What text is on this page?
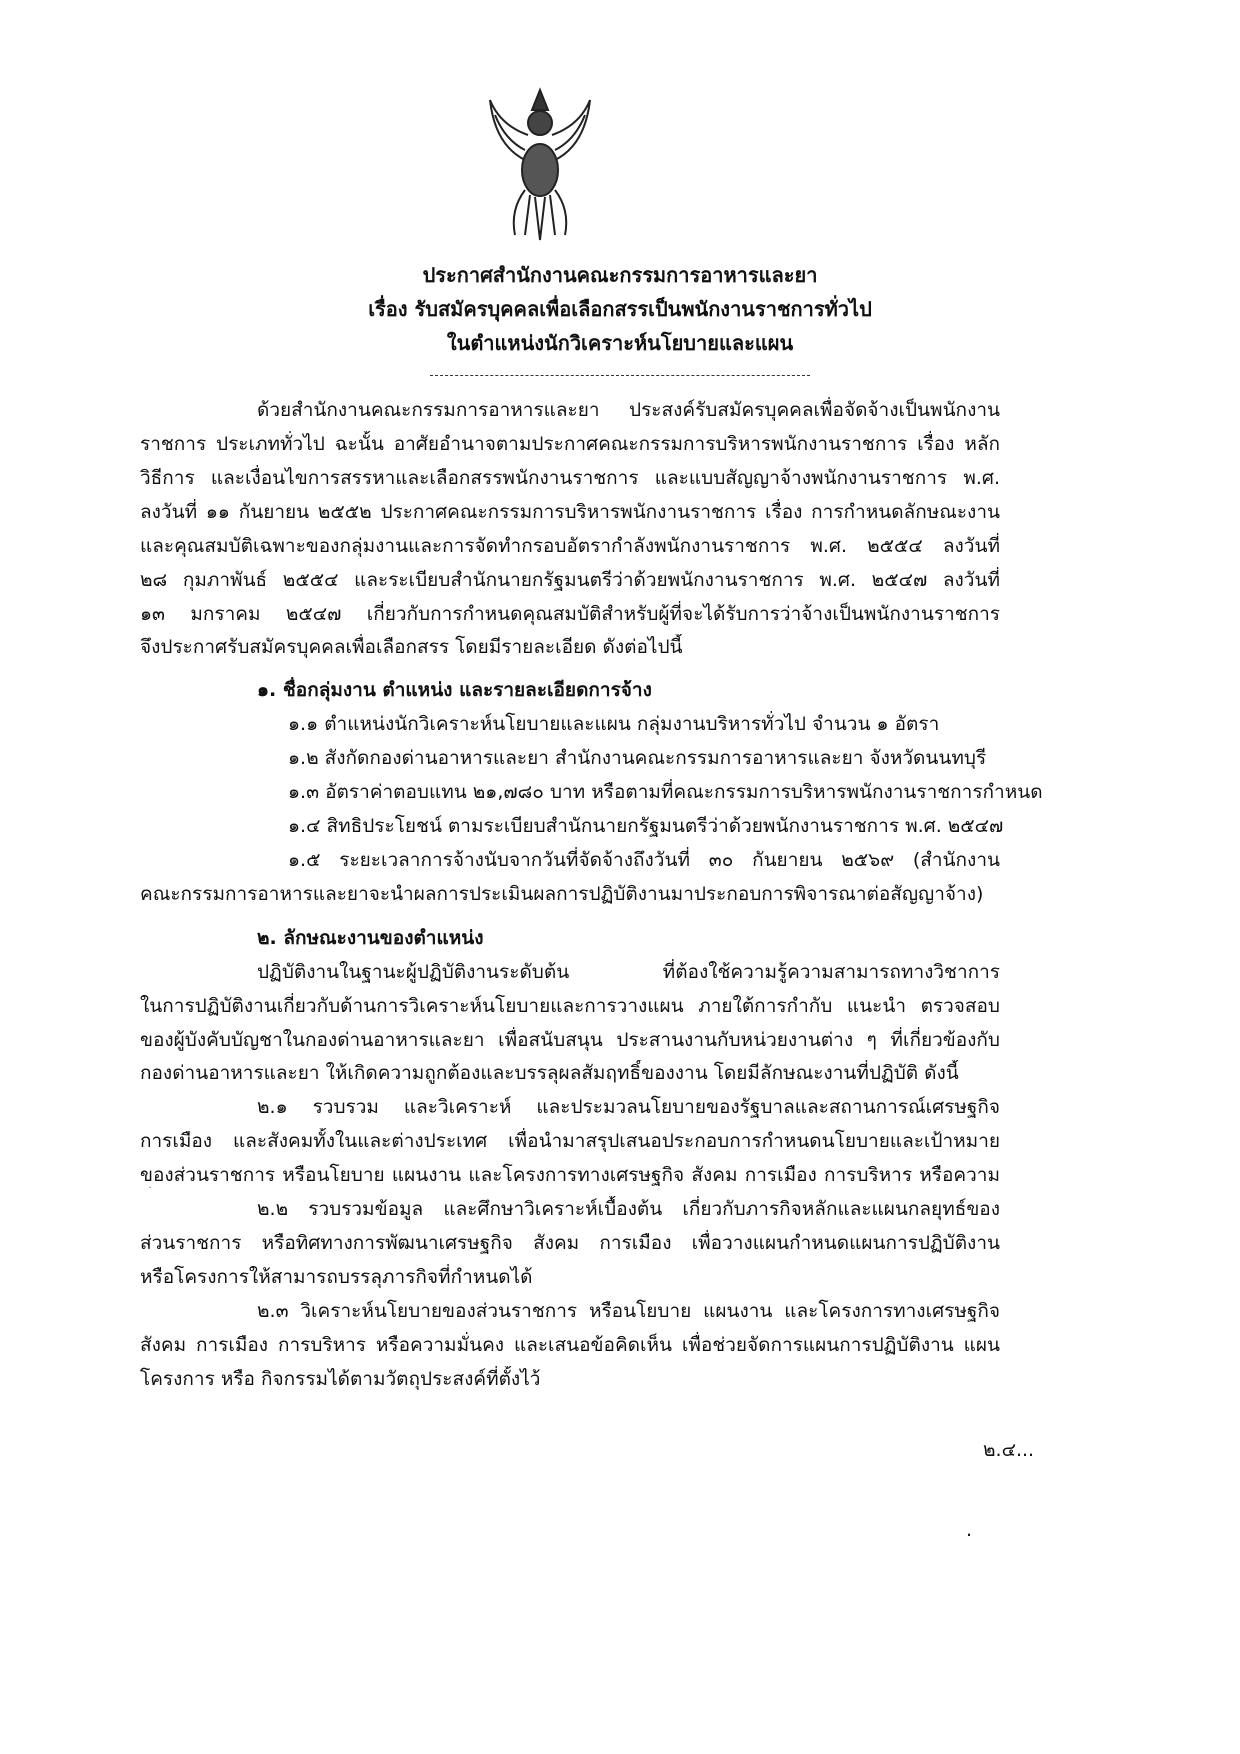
ประกาศสำนักงานคณะกรรมการอาหารและยา
เรื่อง รับสมัครบุคคลเพื่อเลือกสรรเป็นพนักงานราชการทั่วไป
ในตำแหน่งนักวิเคราะห์นโยบายและแผน
ด้วยสำนักงานคณะกรรมการอาหารและยา ประสงค์รับสมัครบุคคลเพื่อจัดจ้างเป็นพนักงาน
ราชการ ประเภททั่วไป ฉะนั้น อาศัยอำนาจตามประกาศคณะกรรมการบริหารพนักงานราชการ เรื่อง หลัก
วิธีการ และเงื่อนไขการสรรหาและเลือกสรรพนักงานราชการ และแบบสัญญาจ้างพนักงานราชการ พ.ศ.
ลงวันที่ ๑๑ กันยายน ๒๕๕๒ ประกาศคณะกรรมการบริหารพนักงานราชการ เรื่อง การกำหนดลักษณะงาน
และคุณสมบัติเฉพาะของกลุ่มงานและการจัดทำกรอบอัตรากำลังพนักงานราชการ พ.ศ. ๒๕๕๔ ลงวันที่
๒๘ กุมภาพันธ์ ๒๕๕๔ และระเบียบสำนักนายกรัฐมนตรีว่าด้วยพนักงานราชการ พ.ศ. ๒๕๔๗ ลงวันที่
๑๓ มกราคม ๒๕๔๗ เกี่ยวกับการกำหนดคุณสมบัติสำหรับผู้ที่จะได้รับการว่าจ้างเป็นพนักงานราชการ
จึงประกาศรับสมัครบุคคลเพื่อเลือกสรร โดยมีรายละเอียด ดังต่อไปนี้
๑. ชื่อกลุ่มงาน ตำแหน่ง และรายละเอียดการจ้าง
๑.๑ ตำแหน่งนักวิเคราะห์นโยบายและแผน กลุ่มงานบริหารทั่วไป จำนวน ๑ อัตรา
๑.๒ สังกัดกองด่านอาหารและยา สำนักงานคณะกรรมการอาหารและยา จังหวัดนนทบุรี
๑.๓ อัตราค่าตอบแทน ๒๑,๗๘๐ บาท หรือตามที่คณะกรรมการบริหารพนักงานราชการกำหนด
๑.๔ สิทธิประโยชน์ ตามระเบียบสำนักนายกรัฐมนตรีว่าด้วยพนักงานราชการ พ.ศ. ๒๕๔๗
๑.๕ ระยะเวลาการจ้างนับจากวันที่จัดจ้างถึงวันที่ ๓๐ กันยายน ๒๕๖๙ (สำนักงาน
คณะกรรมการอาหารและยาจะนำผลการประเมินผลการปฏิบัติงานมาประกอบการพิจารณาต่อสัญญาจ้าง)
๒. ลักษณะงานของตำแหน่ง
ปฏิบัติงานในฐานะผู้ปฏิบัติงานระดับต้น ที่ต้องใช้ความรู้ความสามารถทางวิชาการ
ในการปฏิบัติงานเกี่ยวกับด้านการวิเคราะห์นโยบายและการวางแผน ภายใต้การกำกับ แนะนำ ตรวจสอบ
ของผู้บังคับบัญชาในกองด่านอาหารและยา เพื่อสนับสนุน ประสานงานกับหน่วยงานต่าง ๆ ที่เกี่ยวข้องกับ
กองด่านอาหารและยา ให้เกิดความถูกต้องและบรรลุผลสัมฤทธิ์ของงาน โดยมีลักษณะงานที่ปฏิบัติ ดังนี้
๒.๑ รวบรวม และวิเคราะห์ และประมวลนโยบายของรัฐบาลและสถานการณ์เศรษฐกิจ
การเมือง และสังคมทั้งในและต่างประเทศ เพื่อนำมาสรุปเสนอประกอบการกำหนดนโยบายและเป้าหมาย
ของส่วนราชการ หรือนโยบาย แผนงาน และโครงการทางเศรษฐกิจ สังคม การเมือง การบริหาร หรือความ
๒.๒ รวบรวมข้อมูล และศึกษาวิเคราะห์เบื้องต้น เกี่ยวกับภารกิจหลักและแผนกลยุทธ์ของ
ส่วนราชการ หรือทิศทางการพัฒนาเศรษฐกิจ สังคม การเมือง เพื่อวางแผนกำหนดแผนการปฏิบัติงาน
หรือโครงการให้สามารถบรรลุภารกิจที่กำหนดได้
๒.๓ วิเคราะห์นโยบายของส่วนราชการ หรือนโยบาย แผนงาน และโครงการทางเศรษฐกิจ
สังคม การเมือง การบริหาร หรือความมั่นคง และเสนอข้อคิดเห็น เพื่อช่วยจัดการแผนการปฏิบัติงาน แผน
โครงการ หรือ กิจกรรมได้ตามวัตถุประสงค์ที่ตั้งไว้
๒.๔...
.
